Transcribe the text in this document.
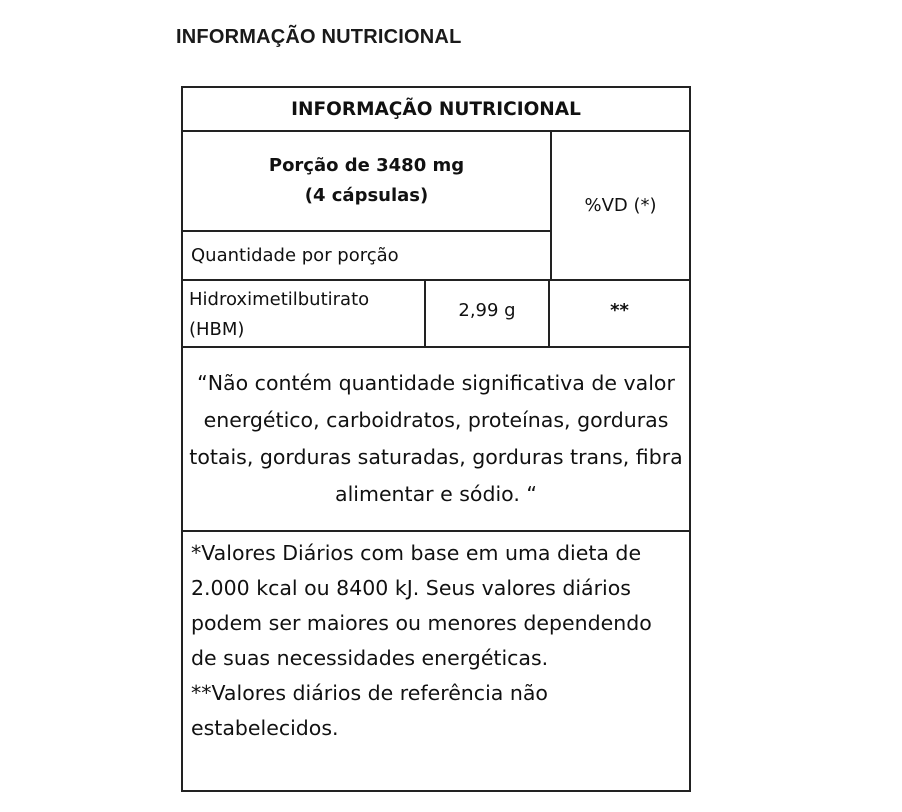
INFORMAÇÃO NUTRICIONAL
INFORMAÇÃO NUTRICIONAL
Porção de 3480 mg
(4 cápsulas)
Quantidade por porção
%VD (*)
Hidroximetilbutirato
(HBM)
2,99 g	**
“Não contém quantidade significativa de valor energético, carboidratos, proteínas, gorduras totais, gorduras saturadas, gorduras trans, fibra alimentar e sódio. “

*Valores Diários com base em uma dieta de 2.000 kcal ou 8400 kJ. Seus valores diários podem ser maiores ou menores dependendo de suas necessidades energéticas.

**Valores diários de referência não estabelecidos.
